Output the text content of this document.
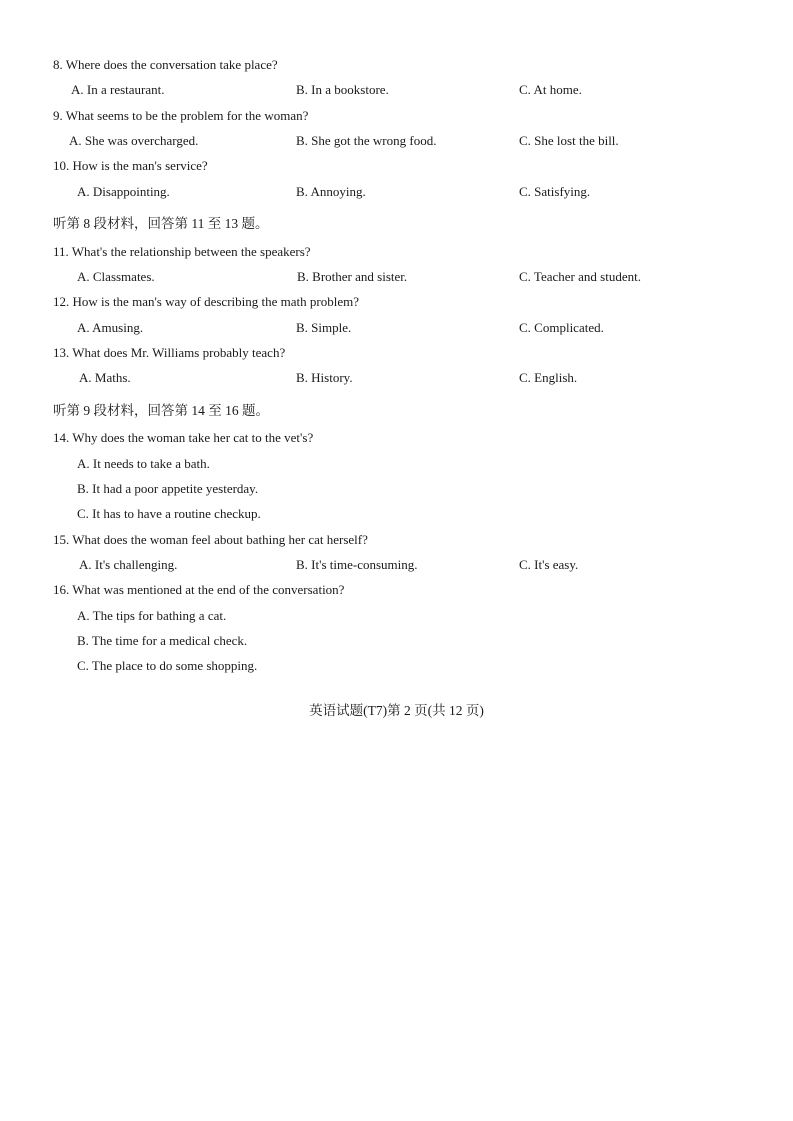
8. Where does the conversation take place?
A. In a restaurant.	B. In a bookstore.	C. At home.
9. What seems to be the problem for the woman?
A. She was overcharged.	B. She got the wrong food.	C. She lost the bill.
10. How is the man's service?
A. Disappointing.	B. Annoying.	C. Satisfying.
听第 8 段材料，回答第 11 至 13 题。
11. What's the relationship between the speakers?
A. Classmates.	B. Brother and sister.	C. Teacher and student.
12. How is the man's way of describing the math problem?
A. Amusing.	B. Simple.	C. Complicated.
13. What does Mr. Williams probably teach?
A. Maths.	B. History.	C. English.
听第 9 段材料，回答第 14 至 16 题。
14. Why does the woman take her cat to the vet's?
A. It needs to take a bath.
B. It had a poor appetite yesterday.
C. It has to have a routine checkup.
15. What does the woman feel about bathing her cat herself?
A. It's challenging.	B. It's time-consuming.	C. It's easy.
16. What was mentioned at the end of the conversation?
A. The tips for bathing a cat.
B. The time for a medical check.
C. The place to do some shopping.
英语试题(T7)第 2 页(共 12 页)
